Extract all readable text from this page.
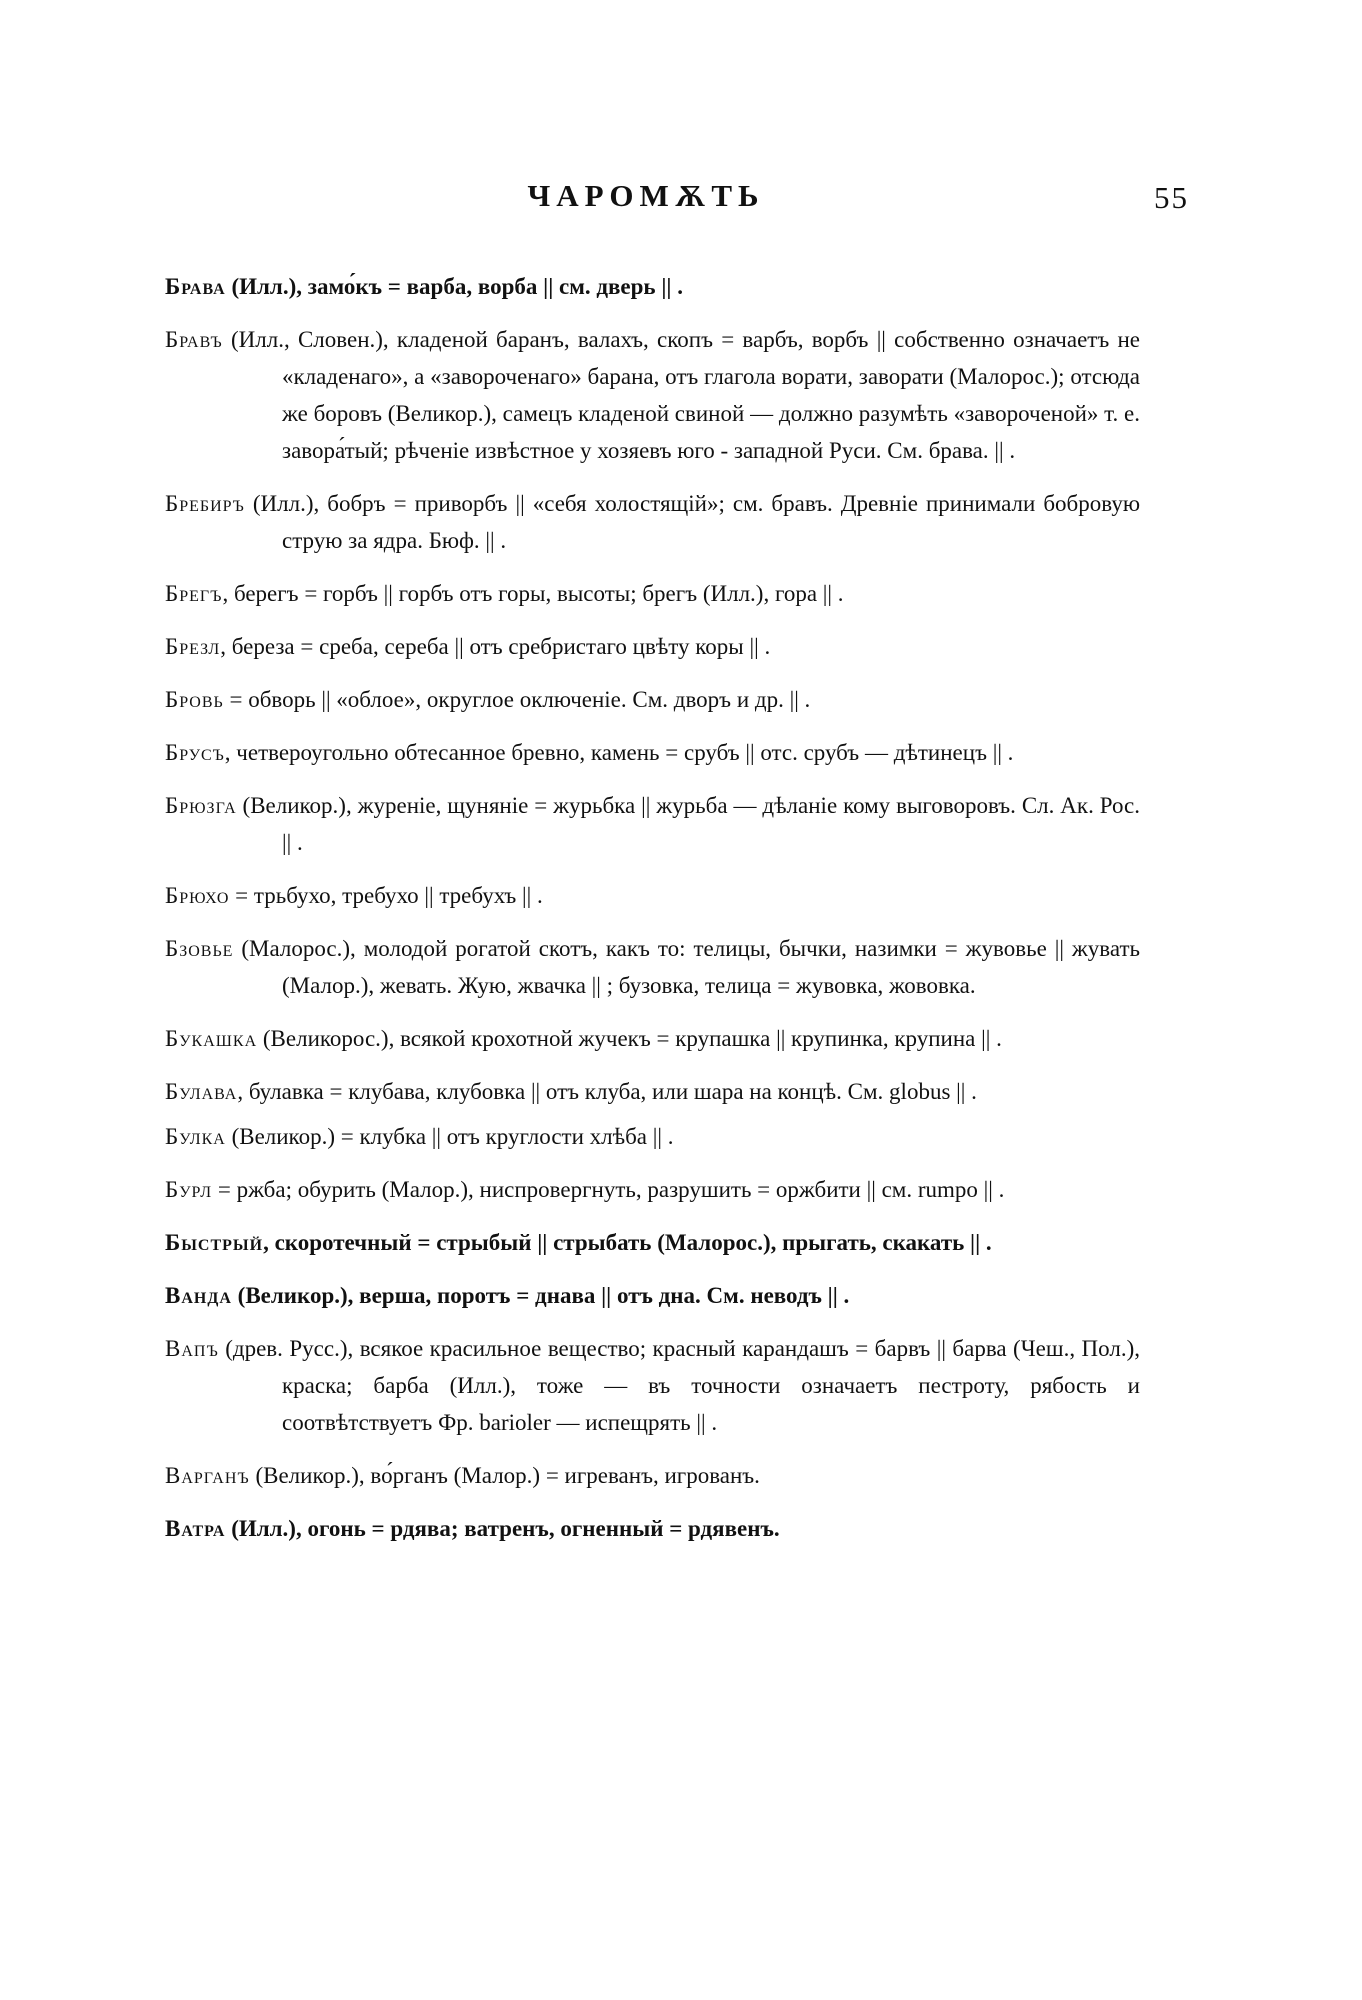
ЧАРОМѪТЬ	55

Брава (Илл.), замо́къ = варба, ворба || см. дверь || .

Бравъ (Илл., Словен.), кладеной баранъ, валахъ, скопъ = варбъ, ворбъ || собственно означаетъ не «кладенаго», а «завороченаго» барана, отъ глагола ворати, заворати (Малорос.); отсюда же боровъ (Великор.), самецъ кладеной свиной — должно разумѣть «завороченой» т. е. завора́тый; рѣченіе извѣстное у хозяевъ юго - западной Руси. См. брава. || .

Бребиръ (Илл.), бобръ = приворбъ || «себя холостящій»; см. бравъ. Древніе принимали бобровую струю за ядра. Бюф. || .

Брегъ, берегъ = горбъ || горбъ отъ горы, высоты; брегъ (Илл.), гора || .

Брезл, береза = среба, сереба || отъ сребристаго цвѣту коры || .

Бровь = обворь || «облое», округлое оключеніе. См. дворъ и др. || .

Брусъ, четвероугольно обтесанное бревно, камень = срубъ || отс. срубъ — дѣтинецъ || .

Брюзга (Великор.), журеніе, щуняніе = журьбка || журьба — дѣланіе кому выговоровъ. Сл. Ак. Рос. || .

Брюхо = трьбухо, требухо || требухъ || .

Бзовье (Малорос.), молодой рогатой скотъ, какъ то: телицы, бычки, назимки = жувовье || жувать (Малор.), жевать. Жую, жвачка || ; бузовка, телица = жувовка, жововка.

Букашка (Великорос.), всякой крохотной жучекъ = крупашка || крупинка, крупина || .

Булава, булавка = клубава, клубовка || отъ клуба, или шара на концѣ. См. globus || .

Булка (Великор.) = клубка || отъ круглости хлѣба || .

Бурл = ржба; обурить (Малор.), ниспровергнуть, разрушить = оржбити || см. rumpo || .

Быстрый, скоротечный = стрыбый || стрыбать (Малорос.), прыгать, скакать || .

Ванда (Великор.), верша, поротъ = днава || отъ дна. См. неводъ || .

Вапъ (древ. Русс.), всякое красильное вещество; красный карандашъ = барвъ || барва (Чеш., Пол.), краска; барба (Илл.), тоже — въ точности означаетъ пестроту, рябость и соотвѣтствуетъ Фр. barioler — испещрять || .

Варганъ (Великор.), во́рганъ (Малор.) = игреванъ, игрованъ.

Ватра (Илл.), огонь = рдява; ватренъ, огненный = рдявенъ.
